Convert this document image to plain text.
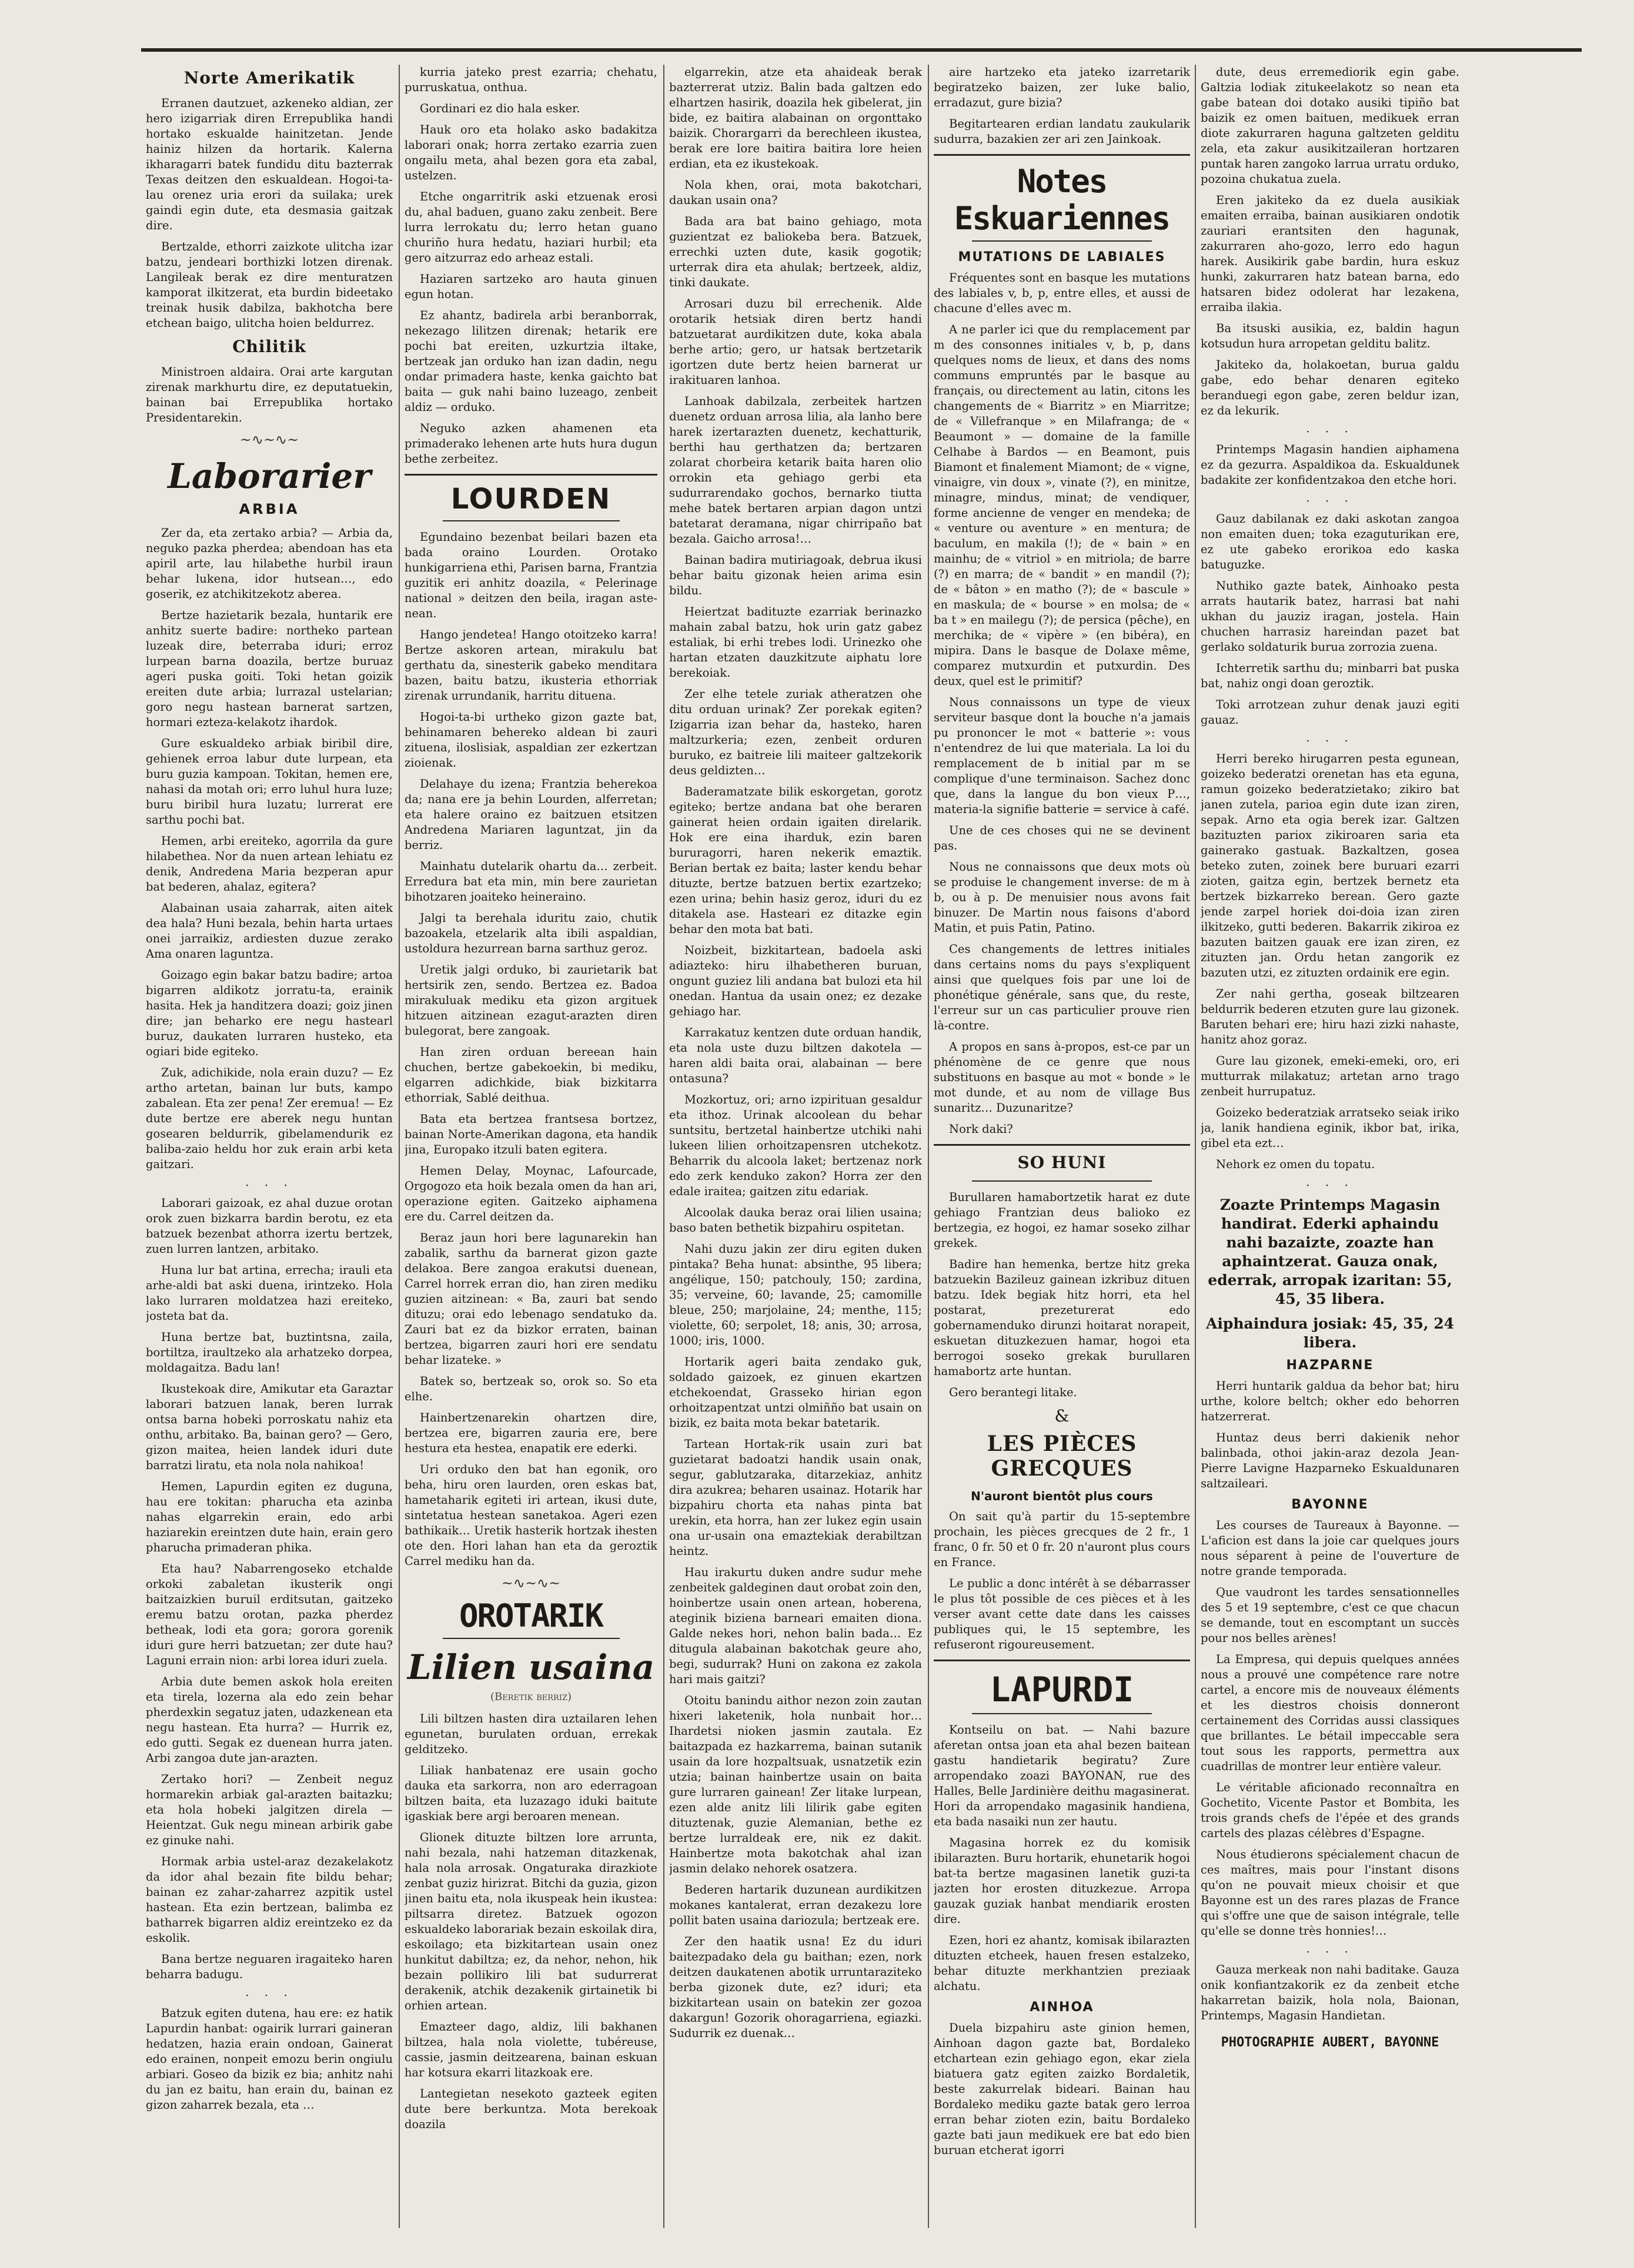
Norte Amerikatik

Erranen dautzuet, azkeneko aldian, zer hero izigarriak diren Errepublika handi hortako eskualde hainitzetan. Jende hainiz hilzen da hortarik. Kalerna ikharagarri batek fundidu ditu bazterrak Texas deitzen den eskualdean. Hogoi-ta-lau orenez uria erori da suilaka; urek gaindi egin dute, eta desmasia gaitzak dire.

Bertzalde, ethorri zaizkote ulitcha izar batzu, jendeari borthizki lotzen direnak. Langileak berak ez dire menturatzen kamporat ilkitzerat, eta burdin bideetako treinak husik dabilza, bakhotcha bere etchean baigo, ulitcha hoien beldurrez.

Chilitik

Ministroen aldaira. Orai arte kargutan zirenak markhurtu dire, ez deputatuekin, bainan bai Errepublika hortako Presidentarekin.

~∿~∿~
Laborarier
ARBIA

Zer da, eta zertako arbia? — Arbia da, neguko pazka pherdea; abendoan has eta apiril arte, lau hilabethe hurbil iraun behar lukena, idor hutsean…, edo goserik, ez atchikitzekotz aberea.

Bertze hazietarik bezala, huntarik ere anhitz suerte badire: northeko partean luzeak dire, beterraba iduri; erroz lurpean barna doazila, bertze buruaz ageri puska goiti. Toki hetan goizik ereiten dute arbia; lurrazal ustelarian; goro negu hastean barnerat sartzen, hormari ezteza-kelakotz ihardok.

Gure eskualdeko arbiak biribil dire, gehienek erroa labur dute lurpean, eta buru guzia kampoan. Tokitan, hemen ere, nahasi da motah ori; erro luhul hura luze; buru biribil hura luzatu; lurrerat ere sarthu pochi bat.

Hemen, arbi ereiteko, agorrila da gure hilabethea. Nor da nuen artean lehiatu ez denik, Andredena Maria bezperan apur bat bederen, ahalaz, egitera?

Alabainan usaia zaharrak, aiten aitek dea hala? Huni bezala, behin harta urtaes onei jarraikiz, ardiesten duzue zerako Ama onaren laguntza.

Goizago egin bakar batzu badire; artoa bigarren aldikotz jorratu-ta, erainik hasita. Hek ja handitzera doazi; goiz jinen dire; jan beharko ere negu hastearl buruz, daukaten lurraren husteko, eta ogiari bide egiteko.

Zuk, adichikide, nola erain duzu? — Ez artho artetan, bainan lur buts, kampo zabalean. Eta zer pena! Zer eremua! — Ez dute bertze ere aberek negu huntan gosearen beldurrik, gibelamendurik ez baliba-zaio heldu hor zuk erain arbi keta gaitzari.

· · ·

Laborari gaizoak, ez ahal duzue orotan orok zuen bizkarra bardin berotu, ez eta batzuek bezenbat athorra izertu bertzek, zuen lurren lantzen, arbitako.

Huna lur bat artina, errecha; irauli eta arhe-aldi bat aski duena, irintzeko. Hola lako lurraren moldatzea hazi ereiteko, josteta bat da.

Huna bertze bat, buztintsna, zaila, bortiltza, iraultzeko ala arhatzeko dorpea, moldagaitza. Badu lan!

Ikustekoak dire, Amikutar eta Garaztar laborari batzuen lanak, beren lurrak ontsa barna hobeki porroskatu nahiz eta onthu, arbitako. Ba, bainan gero? — Gero, gizon maitea, heien landek iduri dute barratzi liratu, eta nola nola nahikoa!

Hemen, Lapurdin egiten ez duguna, hau ere tokitan: pharucha eta azinba nahas elgarrekin erain, edo arbi haziarekin ereintzen dute hain, erain gero pharucha primaderan phika.

Eta hau? Nabarrengoseko etchalde orkoki zabaletan ikusterik ongi baitzaizkien buruil erditsutan, gaitzeko eremu batzu orotan, pazka pherdez betheak, lodi eta gora; gorora gorenik iduri gure herri batzuetan; zer dute hau? Laguni errain nion: arbi lorea iduri zuela.

Arbia dute bemen askok hola ereiten eta tirela, lozerna ala edo zein behar pherdexkin segatuz jaten, udazkenean eta negu hastean. Eta hurra? — Hurrik ez, edo gutti. Segak ez duenean hurra jaten. Arbi zangoa dute jan-arazten.

Zertako hori? — Zenbeit neguz hormarekin arbiak gal-arazten baitazku; eta hola hobeki jalgitzen direla — Heientzat. Guk negu minean arbirik gabe ez ginuke nahi.

Hormak arbia ustel-araz dezakelakotz da idor ahal bezain fite bildu behar; bainan ez zahar-zaharrez azpitik ustel hastean. Eta ezin bertzean, balimba ez batharrek bigarren aldiz ereintzeko ez da eskolik.

Bana bertze neguaren iragaiteko haren beharra badugu.

· · ·

Batzuk egiten dutena, hau ere: ez hatik Lapurdin hanbat: ogairik lurrari gaineran hedatzen, hazia erain ondoan, Gainerat edo erainen, nonpeit emozu berin ongiulu arbiari. Goseo da bizik ez bia; anhitz nahi du jan ez baitu, han erain du, bainan ez gizon zaharrek bezala, eta …

kurria jateko prest ezarria; chehatu, purruskatua, onthua.

Gordinari ez dio hala esker.

Hauk oro eta holako asko badakitza laborari onak; horra zertako ezarria zuen ongailu meta, ahal bezen gora eta zabal, ustelzen.

Etche ongarritrik aski etzuenak erosi du, ahal baduen, guano zaku zenbeit. Bere lurra lerrokatu du; lerro hetan guano churiño hura hedatu, haziari hurbil; eta gero aitzurraz edo arheaz estali.

Haziaren sartzeko aro hauta ginuen egun hotan.

Ez ahantz, badirela arbi beranborrak, nekezago lilitzen direnak; hetarik ere pochi bat ereiten, uzkurtzia iltake, bertzeak jan orduko han izan dadin, negu ondar primadera haste, kenka gaichto bat baita — guk nahi baino luzeago, zenbeit aldiz — orduko.

Neguko azken ahamenen eta primaderako lehenen arte huts hura dugun bethe zerbeitez.

LOURDEN

Egundaino bezenbat beilari bazen eta bada oraino Lourden. Orotako hunkigarriena ethi, Parisen barna, Frantzia guzitik eri anhitz doazila, « Pelerinage national » deitzen den beila, iragan aste-nean.

Hango jendetea! Hango otoitzeko karra! Bertze askoren artean, mirakulu bat gerthatu da, sinesterik gabeko menditara bazen, baitu batzu, ikusteria ethorriak zirenak urrundanik, harritu dituena.

Hogoi-ta-bi urtheko gizon gazte bat, behinamaren behereko aldean bi zauri zituena, iloslisiak, aspaldian zer ezkertzan zioienak.

Delahaye du izena; Frantzia beherekoa da; nana ere ja behin Lourden, alferretan; eta halere oraino ez baitzuen etsitzen Andredena Mariaren laguntzat, jin da berriz.

Mainhatu dutelarik ohartu da… zerbeit. Erredura bat eta min, min bere zaurietan bihotzaren joaiteko heineraino.

Jalgi ta berehala iduritu zaio, chutik bazoakela, etzelarik alta ibili aspaldian, ustoldura hezurrean barna sarthuz geroz.

Uretik jalgi orduko, bi zaurietarik bat hertsirik zen, sendo. Bertzea ez. Badoa mirakuluak mediku eta gizon argituek hitzuen aitzinean ezagut-arazten diren bulegorat, bere zangoak.

Han ziren orduan bereean hain chuchen, bertze gabekoekin, bi mediku, elgarren adichkide, biak bizkitarra ethorriak, Sablé deithua.

Bata eta bertzea frantsesa bortzez, bainan Norte-Amerikan dagona, eta handik jina, Europako itzuli baten egitera.

Hemen Delay, Moynac, Lafourcade, Orgogozo eta hoik bezala omen da han ari, operazione egiten. Gaitzeko aiphamena ere du. Carrel deitzen da.

Beraz jaun hori bere lagunarekin han zabalik, sarthu da barnerat gizon gazte delakoa. Bere zangoa erakutsi duenean, Carrel horrek erran dio, han ziren mediku guzien aitzinean: « Ba, zauri bat sendo dituzu; orai edo lebenago sendatuko da. Zauri bat ez da bizkor erraten, bainan bertzea, bigarren zauri hori ere sendatu behar lizateke. »

Batek so, bertzeak so, orok so. So eta elhe.

Hainbertzenarekin ohartzen dire, bertzea ere, bigarren zauria ere, bere hestura eta hestea, enapatik ere ederki.

Uri orduko den bat han egonik, oro beha, hiru oren laurden, oren eskas bat, hametaharik egiteti iri artean, ikusi dute, sintetatua hestean sanetakoa. Ageri ezen bathikaik… Uretik hasterik hortzak ihesten ote den. Hori lahan han eta da geroztik Carrel mediku han da.

~∿~∿~
OROTARIK
Lilien usaina
(Beretik berriz)

Lili biltzen hasten dira uztailaren lehen egunetan, burulaten orduan, errekak gelditzeko.

Liliak hanbatenaz ere usain gocho dauka eta sarkorra, non aro ederragoan biltzen baita, eta luzazago iduki baitute igaskiak bere argi beroaren menean.

Glionek dituzte biltzen lore arrunta, nahi bezala, nahi hatzeman ditazkenak, hala nola arrosak. Ongaturaka dirazkiote zenbat guziz hirizrat. Bitchi da guzia, gizon jinen baitu eta, nola ikuspeak hein ikustea: piltsarra diretez. Batzuek ogozon eskualdeko laborariak bezain eskoilak dira, eskoilago; eta bizkitartean usain onez hunkitut dabiltza; ez, da nehor, nehon, hik bezain pollikiro lili bat sudurrerat derakenik, atchik dezakenik girtainetik bi orhien artean.

Emazteer dago, aldiz, lili bakhanen biltzea, hala nola violette, tubéreuse, cassie, jasmin deitzearena, bainan eskuan har kotsura ekarri litazkoak ere.

Lantegietan nesekoto gazteek egiten dute bere berkuntza. Mota berekoak doazila

elgarrekin, atze eta ahaideak berak bazterrerat utziz. Balin bada galtzen edo elhartzen hasirik, doazila hek gibelerat, jin bide, ez baitira alabainan on orgonttako baizik. Chorargarri da berechleen ikustea, berak ere lore baitira baitira lore heien erdian, eta ez ikustekoak.

Nola khen, orai, mota bakotchari, daukan usain ona?

Bada ara bat baino gehiago, mota guzientzat ez baliokeba bera. Batzuek, errechki uzten dute, kasik gogotik; urterrak dira eta ahulak; bertzeek, aldiz, tinki daukate.

Arrosari duzu bil errechenik. Alde orotarik hetsiak diren bertz handi batzuetarat aurdikitzen dute, koka abala berhe artio; gero, ur hatsak bertzetarik igortzen dute bertz heien barnerat ur irakituaren lanhoa.

Lanhoak dabilzala, zerbeitek hartzen duenetz orduan arrosa lilia, ala lanho bere harek izertarazten duenetz, kechatturik, berthi hau gerthatzen da; bertzaren zolarat chorbeira ketarik baita haren olio orrokin eta gehiago gerbi eta sudurrarendako gochos, bernarko tiutta mehe batek bertaren arpian dagon untzi batetarat deramana, nigar chirripaño bat bezala. Gaicho arrosa!…

Bainan badira mutiriagoak, debrua ikusi behar baitu gizonak heien arima esin bildu.

Heiertzat badituzte ezarriak berinazko mahain zabal batzu, hok urin gatz gabez estaliak, bi erhi trebes lodi. Urinezko ohe hartan etzaten dauzkitzute aiphatu lore berekoiak.

Zer elhe tetele zuriak atheratzen ohe ditu orduan urinak? Zer porekak egiten? Izigarria izan behar da, hasteko, haren maltzurkeria; ezen, zenbeit orduren buruko, ez baitreie lili maiteer galtzekorik deus geldizten…

Baderamatzate bilik eskorgetan, gorotz egiteko; bertze andana bat ohe beraren gainerat heien ordain igaiten direlarik. Hok ere eina iharduk, ezin baren bururagorri, haren nekerik emaztik. Berian bertak ez baita; laster kendu behar dituzte, bertze batzuen bertix ezartzeko; ezen urina; behin hasiz geroz, iduri du ez ditakela ase. Hasteari ez ditazke egin behar den mota bat bati.

Noizbeit, bizkitartean, badoela aski adiazteko: hiru ilhabetheren buruan, ongunt guziez lili andana bat bulozi eta hil onedan. Hantua da usain onez; ez dezake gehiago har.

Karrakatuz kentzen dute orduan handik, eta nola uste duzu biltzen dakotela — haren aldi baita orai, alabainan — bere ontasuna?

Mozkortuz, ori; arno izpirituan gesaldur eta ithoz. Urinak alcoolean du behar suntsitu, bertzetal hainbertze utchiki nahi lukeen lilien orhoitzapensren utchekotz. Beharrik du alcoola laket; bertzenaz nork edo zerk kenduko zakon? Horra zer den edale iraitea; gaitzen zitu edariak.

Alcoolak dauka beraz orai lilien usaina; baso baten bethetik bizpahiru ospitetan.

Nahi duzu jakin zer diru egiten duken pintaka? Beha hunat: absinthe, 95 libera; angélique, 150; patchouly, 150; zardina, 35; verveine, 60; lavande, 25; camomille bleue, 250; marjolaine, 24; menthe, 115; violette, 60; serpolet, 18; anis, 30; arrosa, 1000; iris, 1000.

Hortarik ageri baita zendako guk, soldado gaizoek, ez ginuen ekartzen etchekoendat, Grasseko hirian egon orhoitzapentzat untzi olmiñño bat usain on bizik, ez baita mota bekar batetarik.

Tartean Hortak-rik usain zuri bat guzietarat badoatzi handik usain onak, segur, gablutzaraka, ditarzekiaz, anhitz dira azukrea; beharen usainaz. Hotarik har bizpahiru chorta eta nahas pinta bat urekin, eta horra, han zer lukez egin usain ona ur-usain ona emaztekiak derabiltzan heintz.

Hau irakurtu duken andre sudur mehe zenbeitek galdeginen daut orobat zoin den, hoinbertze usain onen artean, hoberena, ateginik biziena barneari emaiten diona. Galde nekes hori, nehon balin bada… Ez ditugula alabainan bakotchak geure aho, begi, sudurrak? Huni on zakona ez zakola hari mais gaitzi?

Otoitu banindu aithor nezon zoin zautan hixeri laketenik, hola nunbait hor… Ihardetsi nioken jasmin zautala. Ez baitazpada ez hazkarrema, bainan sutanik usain da lore hozpaltsuak, usnatzetik ezin utzia; bainan hainbertze usain on baita gure lurraren gainean! Zer litake lurpean, ezen alde anitz lili lilirik gabe egiten dituztenak, guzie Alemanian, bethe ez bertze lurraldeak ere, nik ez dakit. Hainbertze mota bakotchak ahal izan jasmin delako nehorek osatzera.

Bederen hartarik duzunean aurdikitzen mokanes kantalerat, erran dezakezu lore pollit baten usaina dariozula; bertzeak ere.

Zer den haatik usna! Ez du iduri baitezpadako dela gu baithan; ezen, nork deitzen daukatenen abotik urruntaraziteko berba gizonek dute, ez? iduri; eta bizkitartean usain on batekin zer gozoa dakargun! Gozorik ohoragarriena, egiazki. Sudurrik ez duenak…

aire hartzeko eta jateko izarretarik begiratzeko baizen, zer luke balio, erradazut, gure bizia?

Begitartearen erdian landatu zaukularik sudurra, bazakien zer ari zen Jainkoak.

Notes Eskuariennes
MUTATIONS DE LABIALES

Fréquentes sont en basque les mutations des labiales v, b, p, entre elles, et aussi de chacune d'elles avec m.

A ne parler ici que du remplacement par m des consonnes initiales v, b, p, dans quelques noms de lieux, et dans des noms communs empruntés par le basque au français, ou directement au latin, citons les changements de « Biarritz » en Miarritze; de « Villefranque » en Milafranga; de « Beaumont » — domaine de la famille Celhabe à Bardos — en Beamont, puis Biamont et finalement Miamont; de « vigne, vinaigre, vin doux », vinate (?), en minitze, minagre, mindus, minat; de vendiquer, forme ancienne de venger en mendeka; de « venture ou aventure » en mentura; de baculum, en makila (!); de « bain » en mainhu; de « vitriol » en mitriola; de barre (?) en marra; de « bandit » en mandil (?); de « bâton » en matho (?); de « bascule » en maskula; de « bourse » en molsa; de « ba t » en mailegu (?); de persica (pêche), en merchika; de « vipère » (en bibéra), en mipira. Dans le basque de Dolaxe même, comparez mutxurdin et putxurdin. Des deux, quel est le primitif?

Nous connaissons un type de vieux serviteur basque dont la bouche n'a jamais pu prononcer le mot « batterie »: vous n'entendrez de lui que materiala. La loi du remplacement de b initial par m se complique d'une terminaison. Sachez donc que, dans la langue du bon vieux P…, materia-la signifie batterie = service à café.

Une de ces choses qui ne se devinent pas.

Nous ne connaissons que deux mots où se produise le changement inverse: de m à b, ou à p. De menuisier nous avons fait binuzer. De Martin nous faisons d'abord Matin, et puis Patin, Patino.

Ces changements de lettres initiales dans certains noms du pays s'expliquent ainsi que quelques fois par une loi de phonétique générale, sans que, du reste, l'erreur sur un cas particulier prouve rien là-contre.

A propos en sans à-propos, est-ce par un phénomène de ce genre que nous substituons en basque au mot « bonde » le mot dunde, et au nom de village Bus sunaritz… Duzunaritze?

Nork daki?

SO HUNI

Burullaren hamabortzetik harat ez dute gehiago Frantzian deus balioko ez bertzegia, ez hogoi, ez hamar soseko zilhar grekek.

Badire han hemenka, bertze hitz greka batzuekin Bazileuz gainean izkribuz dituen batzu. Idek begiak hitz horri, eta hel postarat, prezeturerat edo gobernamenduko dirunzi hoitarat norapeit, eskuetan dituzkezuen hamar, hogoi eta berrogoi soseko grekak burullaren hamabortz arte huntan.

Gero berantegi litake.

&
LES PIÈCES GRECQUES
N'auront bientôt plus cours

On sait qu'à partir du 15-septembre prochain, les pièces grecques de 2 fr., 1 franc, 0 fr. 50 et 0 fr. 20 n'auront plus cours en France.

Le public a donc intérêt à se débarrasser le plus tôt possible de ces pièces et à les verser avant cette date dans les caisses publiques qui, le 15 septembre, les refuseront rigoureusement.

LAPURDI

Kontseilu on bat. — Nahi bazure aferetan ontsa joan eta ahal bezen baitean gastu handietarik begiratu? Zure arropendako zoazi BAYONAN, rue des Halles, Belle Jardinière deithu magasinerat. Hori da arropendako magasinik handiena, eta bada nasaiki nun zer hautu.

Magasina horrek ez du komisik ibilarazten. Buru hortarik, ehunetarik hogoi bat-ta bertze magasinen lanetik guzi-ta jazten hor erosten dituzkezue. Arropa gauzak guziak hanbat mendiarik erosten dire.

Ezen, hori ez ahantz, komisak ibilarazten dituzten etcheek, hauen fresen estalzeko, behar dituzte merkhantzien preziaak alchatu.

AINHOA

Duela bizpahiru aste ginion hemen, Ainhoan dagon gazte bat, Bordaleko etchartean ezin gehiago egon, ekar ziela biatuera gatz egiten zaizko Bordaletik, beste zakurrelak bideari. Bainan hau Bordaleko mediku gazte batak gero lerroa erran behar zioten ezin, baitu Bordaleko gazte bati jaun medikuek ere bat edo bien buruan etcherat igorri

dute, deus erremediorik egin gabe. Galtzia lodiak zitukeelakotz so nean eta gabe batean doi dotako ausiki tipiño bat baizik ez omen baituen, medikuek erran diote zakurraren haguna galtzeten gelditu zela, eta zakur ausikitzaileran hortzaren puntak haren zangoko larrua urratu orduko, pozoina chukatua zuela.

Eren jakiteko da ez duela ausikiak emaiten erraiba, bainan ausikiaren ondotik zauriari erantsiten den hagunak, zakurraren aho-gozo, lerro edo hagun harek. Ausikirik gabe bardin, hura eskuz hunki, zakurraren hatz batean barna, edo hatsaren bidez odolerat har lezakena, erraiba ilakia.

Ba itsuski ausikia, ez, baldin hagun kotsudun hura arropetan gelditu balitz.

Jakiteko da, holakoetan, burua galdu gabe, edo behar denaren egiteko beranduegi egon gabe, zeren beldur izan, ez da lekurik.

· · ·

Printemps Magasin handien aiphamena ez da gezurra. Aspaldikoa da. Eskualdunek badakite zer konfidentzakoa den etche hori.

· · ·

Gauz dabilanak ez daki askotan zangoa non emaiten duen; toka ezaguturikan ere, ez ute gabeko erorikoa edo kaska batuguzke.

Nuthiko gazte batek, Ainhoako pesta arrats hautarik batez, harrasi bat nahi ukhan du jauziz iragan, jostela. Hain chuchen harrasiz hareindan pazet bat gerlako soldaturik burua zorrozia zuena.

Ichterretik sarthu du; minbarri bat puska bat, nahiz ongi doan geroztik.

Toki arrotzean zuhur denak jauzi egiti gauaz.

· · ·

Herri bereko hirugarren pesta egunean, goizeko bederatzi orenetan has eta eguna, ramun goizeko bederatzietako; zikiro bat janen zutela, parioa egin dute izan ziren, sepak. Arno eta ogia berek izar. Galtzen bazituzten pariox zikiroaren saria eta gainerako gastuak. Bazkaltzen, gosea beteko zuten, zoinek bere buruari ezarri zioten, gaitza egin, bertzek bernetz eta bertzek bizkarreko berean. Gero gazte jende zarpel horiek doi-doia izan ziren ilkitzeko, gutti bederen. Bakarrik zikiroa ez bazuten baitzen gauak ere izan ziren, ez zituzten jan. Ordu hetan zangorik ez bazuten utzi, ez zituzten ordainik ere egin.

Zer nahi gertha, goseak biltzearen beldurrik bederen etzuten gure lau gizonek. Baruten behari ere; hiru hazi zizki nahaste, hanitz ahoz goraz.

Gure lau gizonek, emeki-emeki, oro, eri mutturrak milakatuz; artetan arno trago zenbeit hurrupatuz.

Goizeko bederatziak arratseko seiak iriko ja, lanik handiena eginik, ikbor bat, irika, gibel eta ezt…

Nehork ez omen du topatu.

· · ·
Zoazte Printemps Magasin handirat. Ederki aphaindu nahi bazaizte, zoazte han aphaintzerat. Gauza onak, ederrak, arropak izaritan: 55, 45, 35 libera.
Aiphaindura josiak: 45, 35, 24 libera.
HAZPARNE

Herri huntarik galdua da behor bat; hiru urthe, kolore beltch; okher edo behorren hatzerrerat.

Huntaz deus berri dakienik nehor balinbada, othoi jakin-araz dezola Jean-Pierre Lavigne Hazparneko Eskualdunaren saltzaileari.

BAYONNE

Les courses de Taureaux à Bayonne. — L'aficion est dans la joie car quelques jours nous séparent à peine de l'ouverture de notre grande temporada.

Que vaudront les tardes sensationnelles des 5 et 19 septembre, c'est ce que chacun se demande, tout en escomptant un succès pour nos belles arènes!

La Empresa, qui depuis quelques années nous a prouvé une compétence rare notre cartel, a encore mis de nouveaux éléments et les diestros choisis donneront certainement des Corridas aussi classiques que brillantes. Le bétail impeccable sera tout sous les rapports, permettra aux cuadrillas de montrer leur entière valeur.

Le véritable aficionado reconnaîtra en Gochetito, Vicente Pastor et Bombita, les trois grands chefs de l'épée et des grands cartels des plazas célèbres d'Espagne.

Nous étudierons spécialement chacun de ces maîtres, mais pour l'instant disons qu'on ne pouvait mieux choisir et que Bayonne est un des rares plazas de France qui s'offre une que de saison intégrale, telle qu'elle se donne très honnies!…

· · ·

Gauza merkeak non nahi baditake. Gauza onik konfiantzakorik ez da zenbeit etche hakarretan baizik, hola nola, Baionan, Printemps, Magasin Handietan.

PHOTOGRAPHIE AUBERT, BAYONNE
